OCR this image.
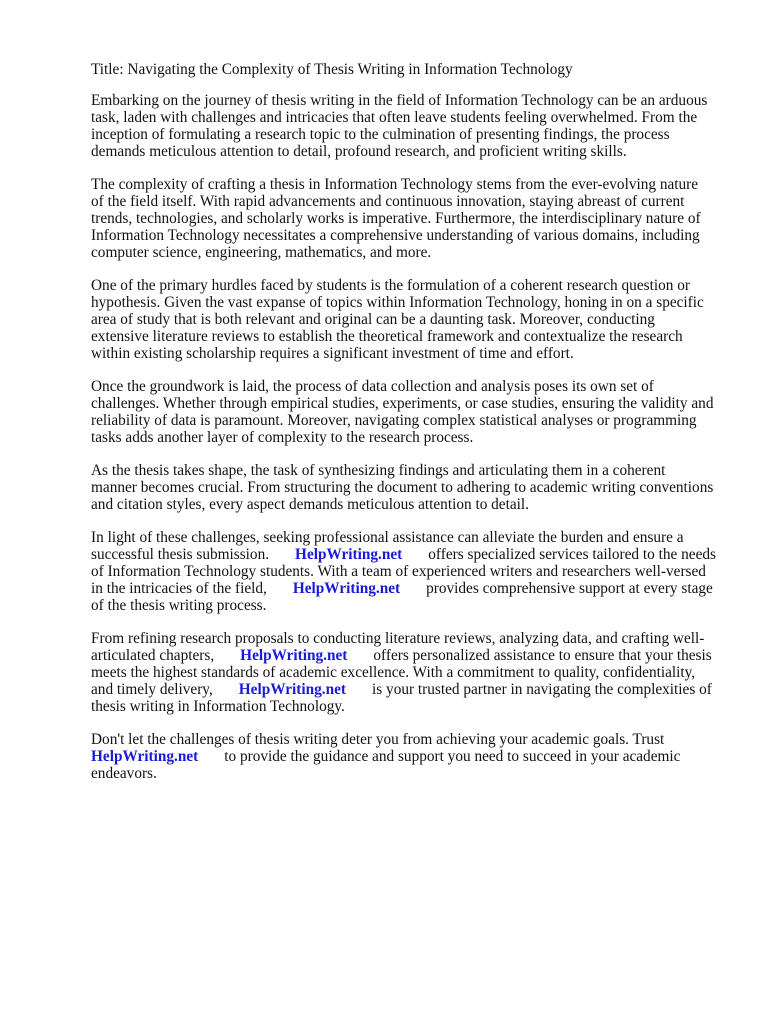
Title: Navigating the Complexity of Thesis Writing in Information Technology
Embarking on the journey of thesis writing in the field of Information Technology can be an arduous
task, laden with challenges and intricacies that often leave students feeling overwhelmed. From the
inception of formulating a research topic to the culmination of presenting findings, the process
demands meticulous attention to detail, profound research, and proficient writing skills.
The complexity of crafting a thesis in Information Technology stems from the ever-evolving nature
of the field itself. With rapid advancements and continuous innovation, staying abreast of current
trends, technologies, and scholarly works is imperative. Furthermore, the interdisciplinary nature of
Information Technology necessitates a comprehensive understanding of various domains, including
computer science, engineering, mathematics, and more.
One of the primary hurdles faced by students is the formulation of a coherent research question or
hypothesis. Given the vast expanse of topics within Information Technology, honing in on a specific
area of study that is both relevant and original can be a daunting task. Moreover, conducting
extensive literature reviews to establish the theoretical framework and contextualize the research
within existing scholarship requires a significant investment of time and effort.
Once the groundwork is laid, the process of data collection and analysis poses its own set of
challenges. Whether through empirical studies, experiments, or case studies, ensuring the validity and
reliability of data is paramount. Moreover, navigating complex statistical analyses or programming
tasks adds another layer of complexity to the research process.
As the thesis takes shape, the task of synthesizing findings and articulating them in a coherent
manner becomes crucial. From structuring the document to adhering to academic writing conventions
and citation styles, every aspect demands meticulous attention to detail.
In light of these challenges, seeking professional assistance can alleviate the burden and ensure a
successful thesis submission. HelpWriting.net offers specialized services tailored to the needs
of Information Technology students. With a team of experienced writers and researchers well-versed
in the intricacies of the field, HelpWriting.net provides comprehensive support at every stage
of the thesis writing process.
From refining research proposals to conducting literature reviews, analyzing data, and crafting well-
articulated chapters, HelpWriting.net offers personalized assistance to ensure that your thesis
meets the highest standards of academic excellence. With a commitment to quality, confidentiality,
and timely delivery, HelpWriting.net is your trusted partner in navigating the complexities of
thesis writing in Information Technology.
Don't let the challenges of thesis writing deter you from achieving your academic goals. Trust
HelpWriting.net to provide the guidance and support you need to succeed in your academic
endeavors.
